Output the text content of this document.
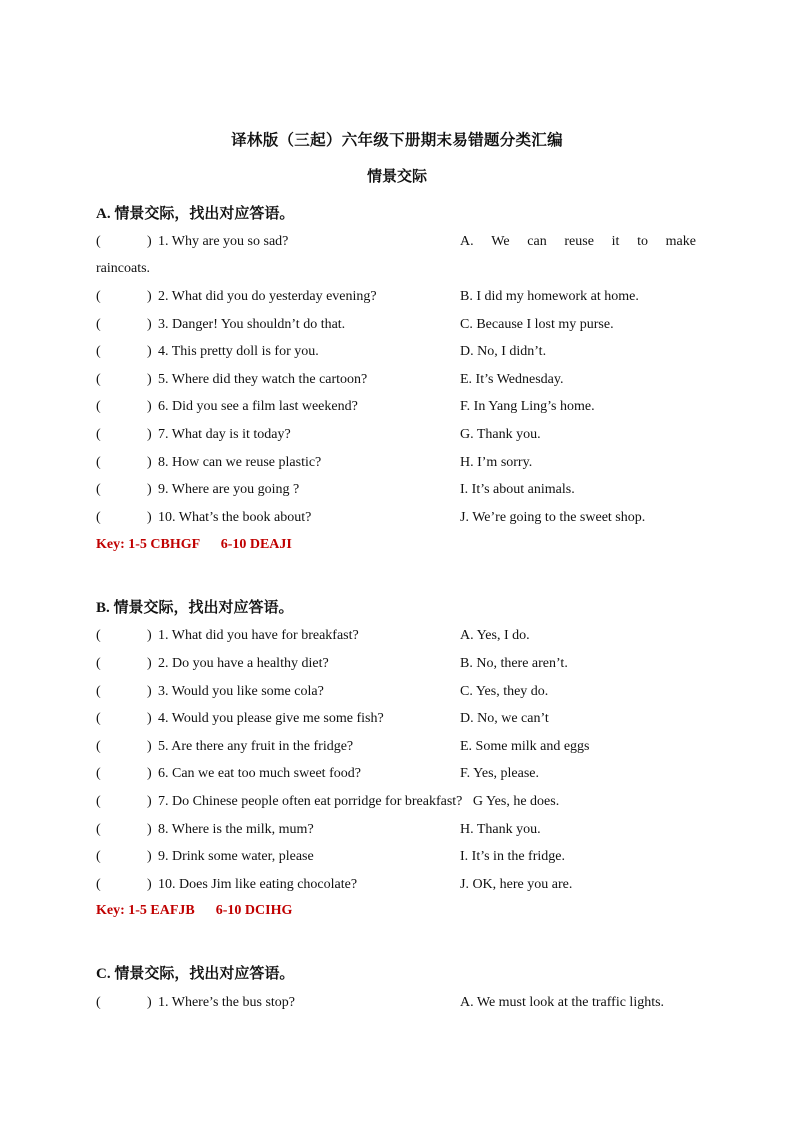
译林版（三起）六年级下册期末易错题分类汇编
情景交际
A. 情景交际，找出对应答语。
(	) 1. Why are you so sad?	A. We can reuse it to make
raincoats.
(	) 2. What did you do yesterday evening?	B. I did my homework at home.
(	) 3. Danger! You shouldn’t do that.	C. Because I lost my purse.
(	) 4. This pretty doll is for you.	D. No, I didn’t.
(	) 5. Where did they watch the cartoon?	E. It’s Wednesday.
(	) 6. Did you see a film last weekend?	F. In Yang Ling’s home.
(	) 7. What day is it today?	G. Thank you.
(	) 8. How can we reuse plastic?	H. I’m sorry.
(	) 9. Where are you going ?	I. It’s about animals.
(	) 10. What’s the book about?	J. We’re going to the sweet shop.
Key: 1-5 CBHGF      6-10 DEAJI
B. 情景交际，找出对应答语。
(	) 1. What did you have for breakfast?	A. Yes, I do.
(	) 2. Do you have a healthy diet?	B. No, there aren’t.
(	) 3. Would you like some cola?	C. Yes, they do.
(	) 4. Would you please give me some fish?	D. No, we can’t
(	) 5. Are there any fruit in the fridge?	E. Some milk and eggs
(	) 6. Can we eat too much sweet food?	F. Yes, please.
(	) 7. Do Chinese people often eat porridge for breakfast?   G Yes, he does.
(	) 8. Where is the milk, mum?	H. Thank you.
(	) 9. Drink some water, please	I. It’s in the fridge.
(	) 10. Does Jim like eating chocolate?	J. OK, here you are.
Key: 1-5 EAFJB      6-10 DCIHG
C. 情景交际，找出对应答语。
(	) 1. Where’s the bus stop?	A. We must look at the traffic lights.
